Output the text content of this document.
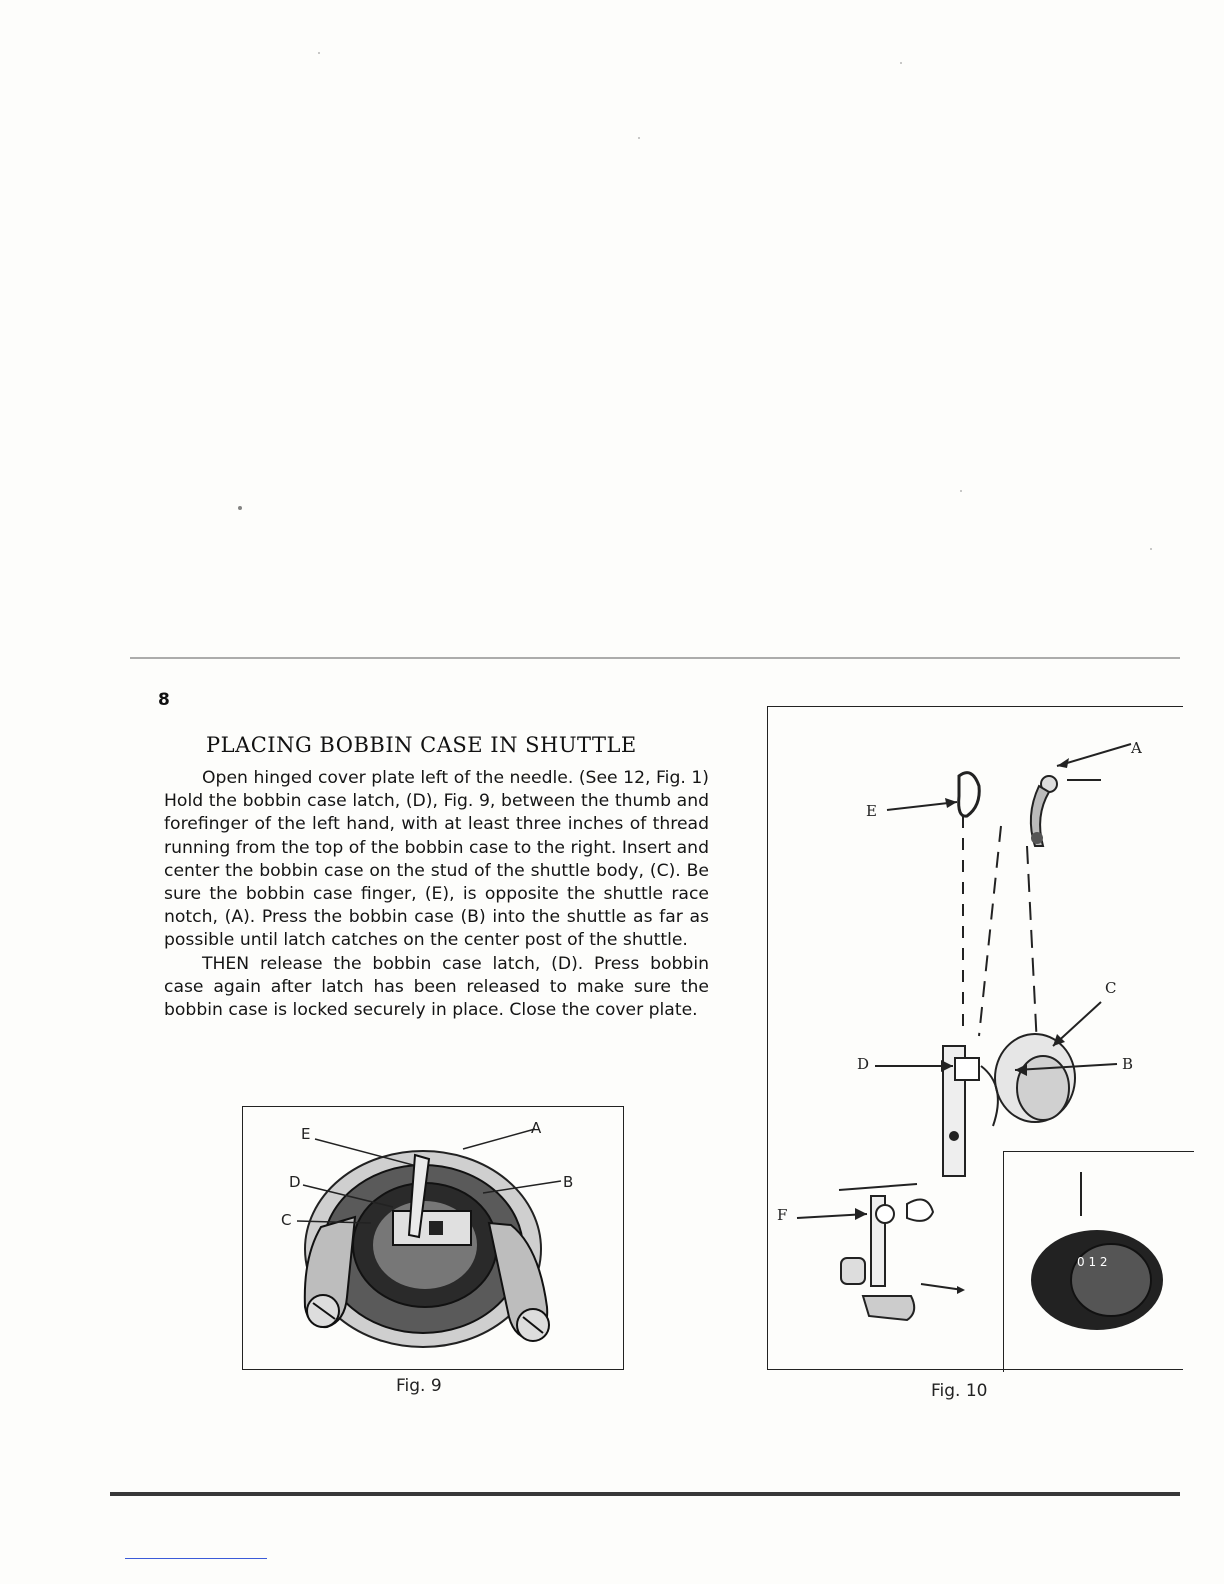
8
PLACING BOBBIN CASE IN SHUTTLE

Open hinged cover plate left of the needle. (See 12, Fig. 1) Hold the bobbin case latch, (D), Fig. 9, between the thumb and forefinger of the left hand, with at least three inches of thread running from the top of the bobbin case to the right. Insert and center the bobbin case on the stud of the shuttle body, (C). Be sure the bobbin case finger, (E), is opposite the shuttle race notch, (A). Press the bobbin case (B) into the shuttle as far as possible until latch catches on the center post of the shuttle.

THEN release the bobbin case latch, (D). Press bobbin case again after latch has been released to make sure the bobbin case is locked securely in place. Close the cover plate.

E	A
D	B
C
Fig. 9
0 1 2
A
E
C
D	B
F
Fig. 10
